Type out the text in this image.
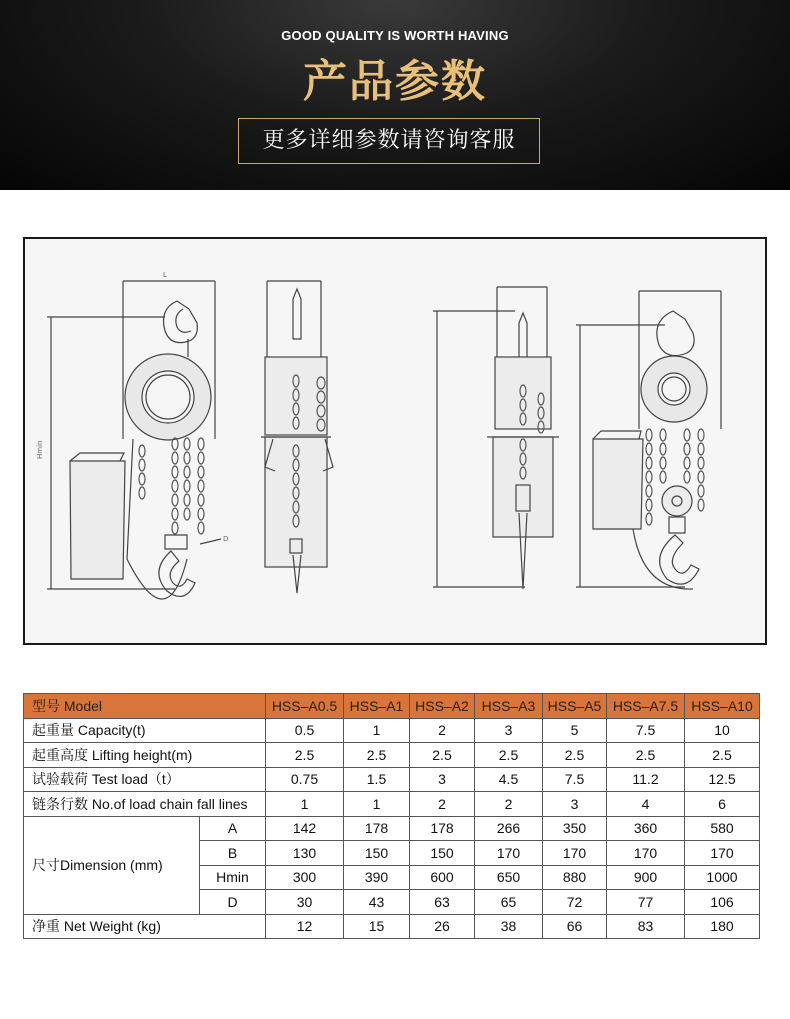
GOOD QUALITY IS WORTH HAVING
产品参数
更多详细参数请咨询客服
L
Hmin
D
型号 Model		HSS–A0.5	HSS–A1	HSS–A2	HSS–A3	HSS–A5	HSS–A7.5	HSS–A10
起重量 Capacity(t)		0.5	1	2	3	5	7.5	10
起重高度 Lifting height(m)		2.5	2.5	2.5	2.5	2.5	2.5	2.5
试验载荷 Test load（t）		0.75	1.5	3	4.5	7.5	11.2	12.5
链条行数 No.of load chain fall lines		1	1	2	2	3	4	6
尺寸Dimension (mm)	A	142	178	178	266	350	360	580
	B	130	150	150	170	170	170	170
	Hmin	300	390	600	650	880	900	1000
	D	30	43	63	65	72	77	106
净重 Net Weight (kg)		12	15	26	38	66	83	180
